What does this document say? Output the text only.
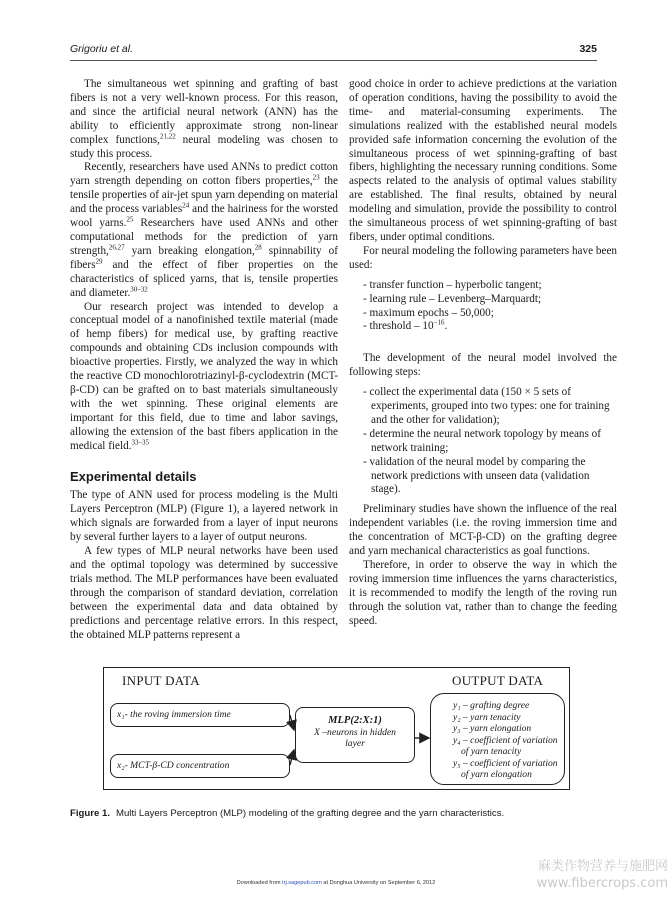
Grigoriu et al.	325

The simultaneous wet spinning and grafting of bast fibers is not a very well-known process. For this reason, and since the artificial neural network (ANN) has the ability to efficiently approximate strong non-linear complex functions,$^{21,22}$ neural modeling was chosen to study this process.

Recently, researchers have used ANNs to predict cotton yarn strength depending on cotton fibers properties,$^{23}$ the tensile properties of air-jet spun yarn depending on material and the process variables$^{24}$ and the hairiness for the worsted wool yarns.$^{25}$ Researchers have used ANNs and other computational methods for the prediction of yarn strength,$^{26,27}$ yarn breaking elongation,$^{28}$ spinnability of fibers$^{29}$ and the effect of fiber properties on the characteristics of spliced yarns, that is, tensile properties and diameter.$^{30-32}$

Our research project was intended to develop a conceptual model of a nanofinished textile material (made of hemp fibers) for medical use, by grafting reactive compounds and obtaining CDs inclusion compounds with bioactive properties. Firstly, we analyzed the way in which the reactive CD monochlorotriazinyl-β-cyclodextrin (MCT-β-CD) can be grafted on to bast materials simultaneously with the wet spinning. These original elements are important for this field, due to time and labor savings, allowing the extension of the bast fibers application in the medical field.$^{33-35}$

Experimental details

The type of ANN used for process modeling is the Multi Layers Perceptron (MLP) (Figure 1), a layered network in which signals are forwarded from a layer of input neurons by several further layers to a layer of output neurons.

A few types of MLP neural networks have been used and the optimal topology was determined by successive trials method. The MLP performances have been evaluated through the comparison of standard deviation, correlation between the experimental data and data obtained by predictions and percentage relative errors. In this respect, the obtained MLP patterns represent a

good choice in order to achieve predictions at the variation of operation conditions, having the possibility to avoid the time- and material-consuming experiments. The simulations realized with the established neural models provided safe information concerning the evolution of the simultaneous process of wet spinning-grafting of bast fibers, highlighting the necessary running conditions. Some aspects related to the analysis of optimal values stability are established. The final results, obtained by neural modeling and simulation, provide the possibility to control the simultaneous process of wet spinning-grafting of bast fibers, under optimal conditions.

For neural modeling the following parameters have been used:

- transfer function – hyperbolic tangent;
- learning rule – Levenberg–Marquardt;
- maximum epochs – 50,000;
- threshold – $10^{-16}$.

The development of the neural model involved the following steps:

- collect the experimental data (150 × 5 sets of experiments, grouped into two types: one for training and the other for validation);
- determine the neural network topology by means of network training;
- validation of the neural model by comparing the network predictions with unseen data (validation stage).

Preliminary studies have shown the influence of the real independent variables (i.e. the roving immersion time and the concentration of MCT-β-CD) on the grafting degree and yarn mechanical characteristics as goal functions.

Therefore, in order to observe the way in which the roving immersion time influences the yarns characteristics, it is recommended to modify the length of the roving run through the solution vat, rather than to change the feeding speed.

INPUT DATA	OUTPUT DATA
x₁- the roving immersion time
x₂- MCT-β-CD concentration
MLP(2:X:1)
X –neurons in hidden
layer
y₁ – grafting degree
y₂ – yarn tenacity
y₃ – yarn elongation
y₄ – coefficient of variation
of yarn tenacity
y₅ – coefficient of variation
of yarn elongation
Figure 1. Multi Layers Perceptron (MLP) modeling of the grafting degree and the yarn characteristics.
Downloaded from trj.sagepub.com at Donghua University on September 6, 2012
麻类作物营养与施肥网
www.fibercrops.com
